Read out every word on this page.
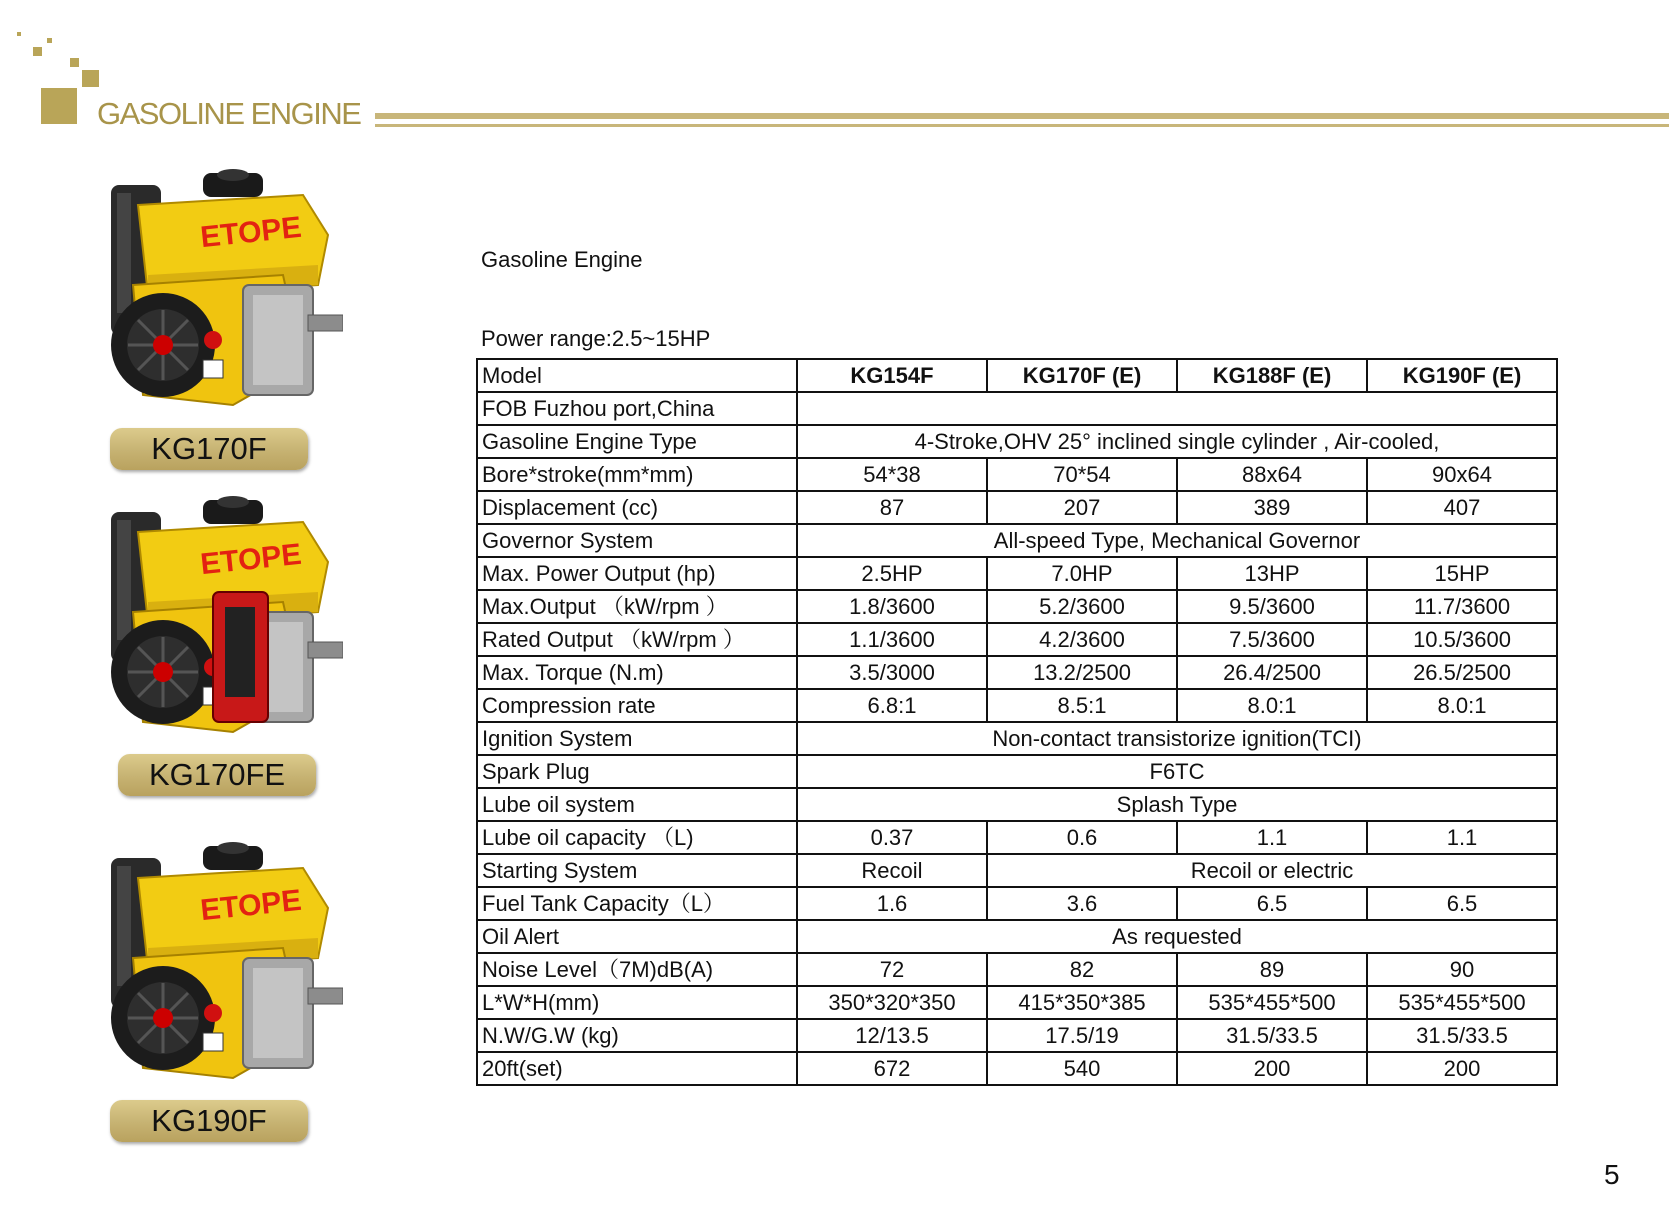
GASOLINE ENGINE
KG170F
KG170FE
KG190F
Gasoline Engine
Power range:2.5~15HP
Model	KG154F	KG170F (E)	KG188F (E)	KG190F (E)
FOB Fuzhou port,China				
Gasoline Engine Type	4-Stroke,OHV 25° inclined single cylinder , Air-cooled,			
Bore*stroke(mm*mm)	54*38	70*54	88x64	90x64
Displacement (cc)	87	207	389	407
Governor System	All-speed Type, Mechanical Governor			
Max. Power Output (hp)	2.5HP	7.0HP	13HP	15HP
Max.Output （kW/rpm ）	1.8/3600	5.2/3600	9.5/3600	11.7/3600
Rated Output （kW/rpm ）	1.1/3600	4.2/3600	7.5/3600	10.5/3600
Max. Torque (N.m)	3.5/3000	13.2/2500	26.4/2500	26.5/2500
Compression rate	6.8:1	8.5:1	8.0:1	8.0:1
Ignition System	Non-contact transistorize ignition(TCI)			
Spark Plug	F6TC			
Lube oil system	Splash Type			
Lube oil capacity （L)	0.37	0.6	1.1	1.1
Starting System	Recoil	Recoil or electric		
Fuel Tank Capacity（L）	1.6	3.6	6.5	6.5
Oil Alert	As requested			
Noise Level（7M)dB(A)	72	82	89	90
L*W*H(mm)	350*320*350	415*350*385	535*455*500	535*455*500
N.W/G.W (kg)	12/13.5	17.5/19	31.5/33.5	31.5/33.5
20ft(set)	672	540	200	200
5
